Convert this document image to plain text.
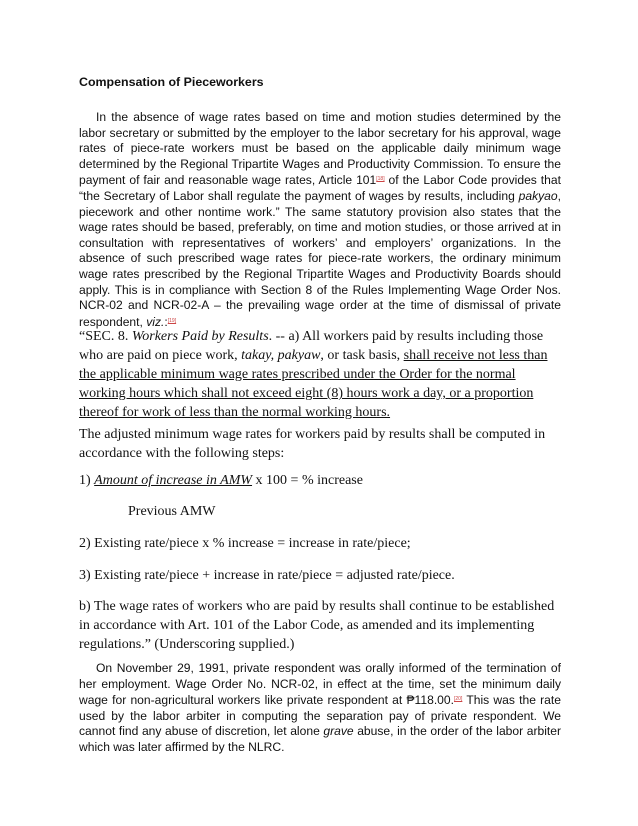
Compensation of Pieceworkers

In the absence of wage rates based on time and motion studies determined by the labor secretary or submitted by the employer to the labor secretary for his approval, wage rates of piece-rate workers must be based on the applicable daily minimum wage determined by the Regional Tripartite Wages and Productivity Commission. To ensure the payment of fair and reasonable wage rates, Article 101[18] of the Labor Code provides that “the Secretary of Labor shall regulate the payment of wages by results, including pakyao, piecework and other nontime work.” The same statutory provision also states that the wage rates should be based, preferably, on time and motion studies, or those arrived at in consultation with representatives of workers’ and employers’ organizations. In the absence of such prescribed wage rates for piece-rate workers, the ordinary minimum wage rates prescribed by the Regional Tripartite Wages and Productivity Boards should apply. This is in compliance with Section 8 of the Rules Implementing Wage Order Nos. NCR-02 and NCR-02-A – the prevailing wage order at the time of dismissal of private respondent, viz.:[19]

“SEC. 8. Workers Paid by Results. -- a) All workers paid by results including those who are paid on piece work, takay, pakyaw, or task basis, shall receive not less than the applicable minimum wage rates prescribed under the Order for the normal working hours which shall not exceed eight (8) hours work a day, or a proportion thereof for work of less than the normal working hours.

The adjusted minimum wage rates for workers paid by results shall be computed in accordance with the following steps:

1) Amount of increase in AMW x 100 = % increase

Previous AMW

2) Existing rate/piece x % increase = increase in rate/piece;

3) Existing rate/piece + increase in rate/piece = adjusted rate/piece.

b) The wage rates of workers who are paid by results shall continue to be established in accordance with Art. 101 of the Labor Code, as amended and its implementing regulations.” (Underscoring supplied.)

On November 29, 1991, private respondent was orally informed of the termination of her employment. Wage Order No. NCR-02, in effect at the time, set the minimum daily wage for non-agricultural workers like private respondent at ₱118.00.[20] This was the rate used by the labor arbiter in computing the separation pay of private respondent. We cannot find any abuse of discretion, let alone grave abuse, in the order of the labor arbiter which was later affirmed by the NLRC.
